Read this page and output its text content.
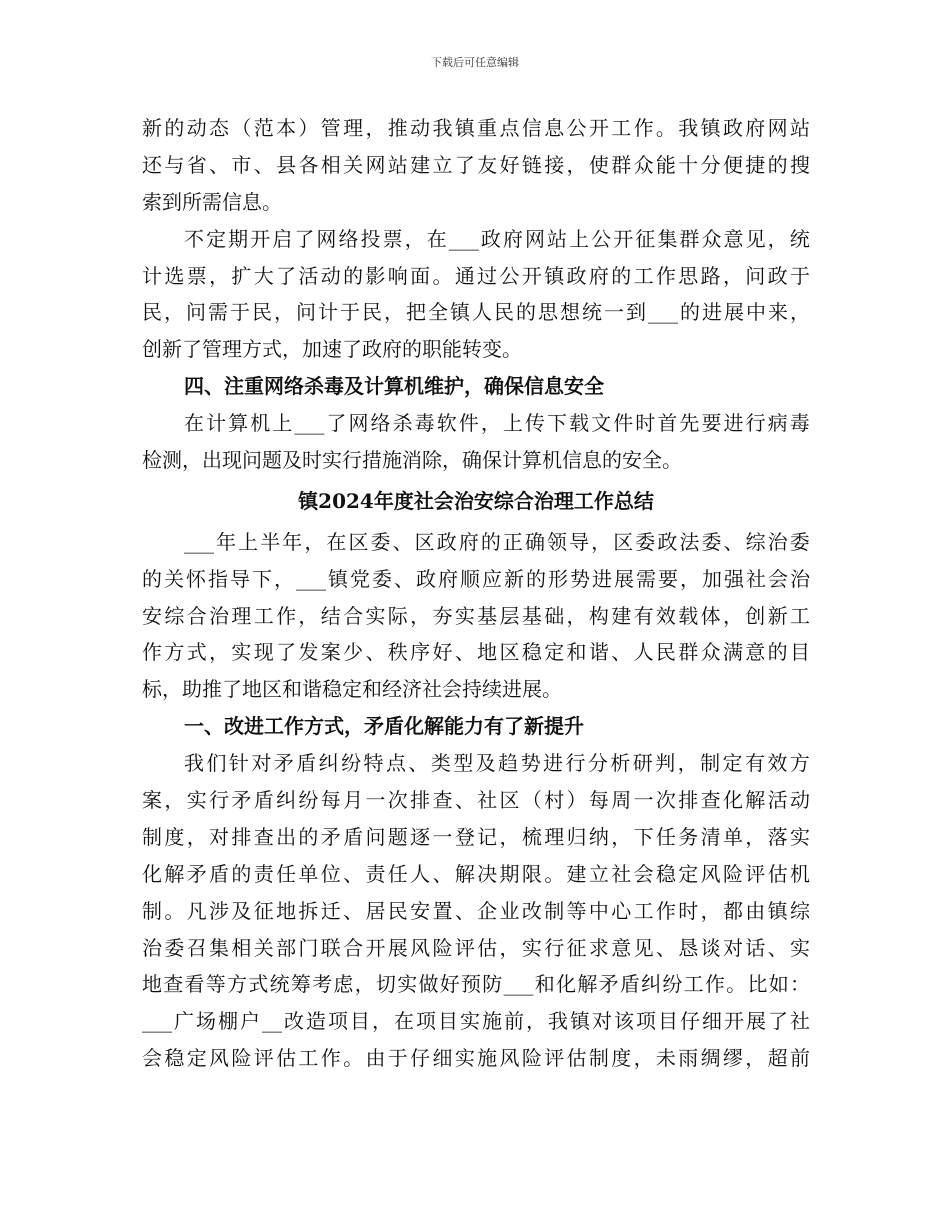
下载后可任意编辑
新 的 动 态 （ 范 本 ） 管 理 ， 推 动 我 镇 重 点 信 息 公 开 工 作 。 我 镇 政 府 网 站
还 与 省 、 市 、 县 各 相 关 网 站 建 立 了 友 好 链 接 ， 使 群 众 能 十 分 便 捷 的 搜
索到所需信息。
不 定 期 开 启 了 网 络 投 票 ， 在 ___ 政 府 网 站 上 公 开 征 集 群 众 意 见 ， 统
计 选 票 ， 扩 大 了 活 动 的 影 响 面 。 通 过 公 开 镇 政 府 的 工 作 思 路 ， 问 政 于
民 ， 问 需 于 民 ， 问 计 于 民 ， 把 全 镇 人 民 的 思 想 统 一 到 ___ 的 进 展 中 来 ，
创新了管理方式，加速了政府的职能转变。
四、注重网络杀毒及计算机维护，确保信息安全
在 计 算 机 上 ___ 了 网 络 杀 毒 软 件 ， 上 传 下 载 文 件 时 首 先 要 进 行 病 毒
检测，出现问题及时实行措施消除，确保计算机信息的安全。
镇2024年度社会治安综合治理工作总结
___ 年 上 半 年 ， 在 区 委 、 区 政 府 的 正 确 领 导 ， 区 委 政 法 委 、 综 治 委
的 关 怀 指 导 下 ， ___ 镇 党 委 、 政 府 顺 应 新 的 形 势 进 展 需 要 ， 加 强 社 会 治
安 综 合 治 理 工 作 ， 结 合 实 际 ， 夯 实 基 层 基 础 ， 构 建 有 效 载 体 ， 创 新 工
作 方 式 ， 实 现 了 发 案 少 、 秩 序 好 、 地 区 稳 定 和 谐 、 人 民 群 众 满 意 的 目
标，助推了地区和谐稳定和经济社会持续进展。
一、改进工作方式，矛盾化解能力有了新提升
我 们 针 对 矛 盾 纠 纷 特 点 、 类 型 及 趋 势 进 行 分 析 研 判 ， 制 定 有 效 方
案 ， 实 行 矛 盾 纠 纷 每 月 一 次 排 查 、 社 区 （ 村 ） 每 周 一 次 排 查 化 解 活 动
制 度 ， 对 排 查 出 的 矛 盾 问 题 逐 一 登 记 ， 梳 理 归 纳 ， 下 任 务 清 单 ， 落 实
化 解 矛 盾 的 责 任 单 位 、 责 任 人 、 解 决 期 限 。 建 立 社 会 稳 定 风 险 评 估 机
制 。 凡 涉 及 征 地 拆 迁 、 居 民 安 置 、 企 业 改 制 等 中 心 工 作 时 ， 都 由 镇 综
治 委 召 集 相 关 部 门 联 合 开 展 风 险 评 估 ， 实 行 征 求 意 见 、 恳 谈 对 话 、 实
地 查 看 等 方 式 统 筹 考 虑 ， 切 实 做 好 预 防 ___ 和 化 解 矛 盾 纠 纷 工 作 。 比 如 ：
___ 广 场 棚 户 __ 改 造 项 目 ， 在 项 目 实 施 前 ， 我 镇 对 该 项 目 仔 细 开 展 了 社
会 稳 定 风 险 评 估 工 作 。 由 于 仔 细 实 施 风 险 评 估 制 度 ， 未 雨 绸 缪 ， 超 前
